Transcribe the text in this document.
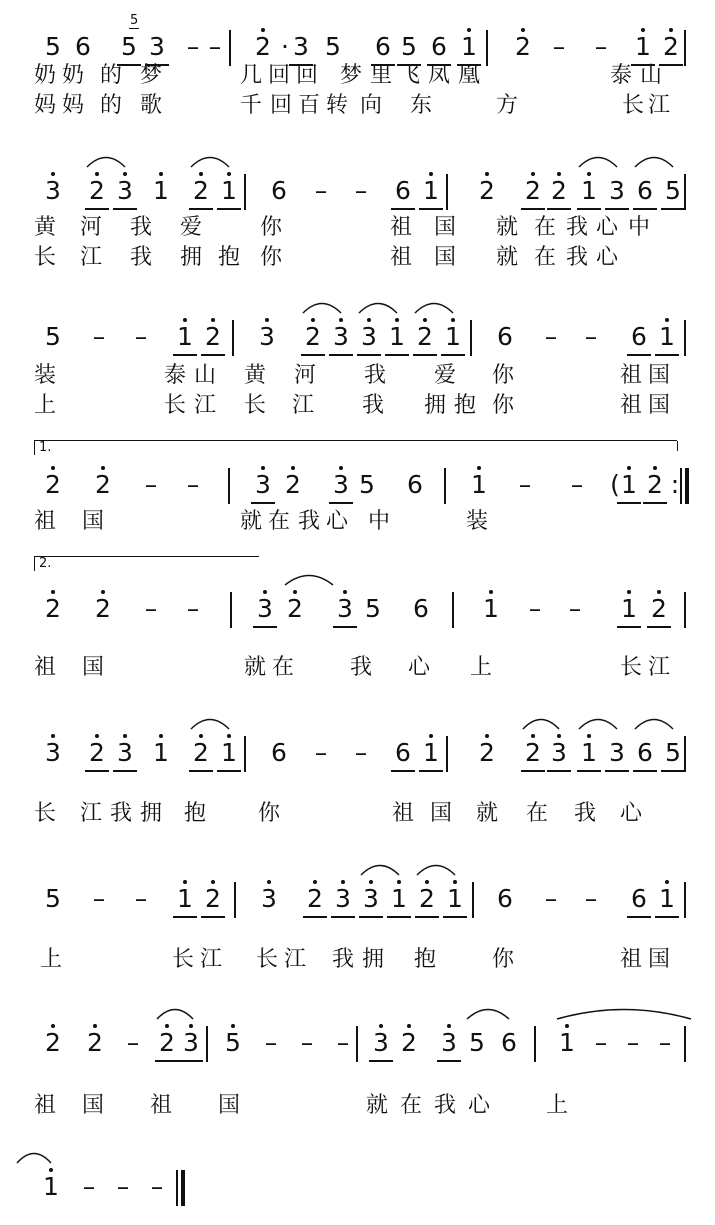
5 6 5 3 – – 2 · 3 5 6 5 6 1 2 – – 1 2
5
奶 奶 的 梦	几 回 回 梦 里 飞 凤 凰	泰 山
妈 妈 的 歌	千 回 百 转 向 东	方	长 江
3 2 3 1 2 1 6 – – 6 1 2 2 2 1 3 6 5
黄 河 我 爱	你	祖 国 就 在 我 心 中
长 江 我 拥 抱 你	祖 国 就 在 我 心
5 – – 1 2 3 2 3 3 1 2 1 6 – – 6 1
装	泰 山 黄 河 我 爱 你	祖 国
上	长 江 长 江 我 拥 抱 你	祖 国
2 2 – – 3 2 3 5 6 1 – – ( 1 2 :
1.
祖 国	就 在 我 心 中	装
2 2 – – 3 2 3 5 6 1 – – 1 2
2.
祖 国	就 在	我 心 上	长 江
3 2 3 1 2 1 6 – – 6 1 2 2 3 1 3 6 5
长 江 我 拥 抱 你	祖 国 就 在 我 心
5 – – 1 2 3 2 3 3 1 2 1 6 – – 6 1
上	长 江 长 江 我 拥 抱	你	祖 国
2 2 – 2 3 5 – – – 3 2 3 5 6 1 – – –
祖 国 祖 国	就 在 我 心	上
1 – – –
